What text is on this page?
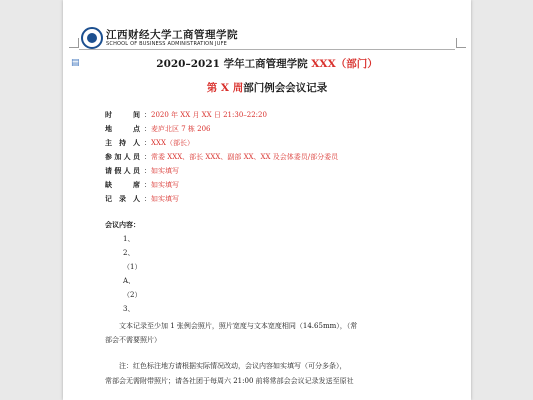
▤
江西财经大学工商管理学院
SCHOOL OF BUSINESS ADMINISTRATION JUFE
2020–2021 学年工商管理学院 XXX（部门）
第 X 周部门例会会议记录
时 间 ：2020 年 XX 月 XX 日 21:30–22:20
地 点 ：麦庐北区 7 栋 206
主 持 人 ：XXX（部长）
参加人员 ：常委 XXX、部长 XXX、副部 XX、XX 及会体委员/部分委员
请假人员 ：如实填写
缺 席 ：如实填写
记 录 人 ：如实填写
会议内容：
1、
2、
（1）
A、
（2）
3、
文本记录至少加 1 张例会照片，照片宽度与文本宽度相同（14.65mm），（常
部会不需要照片）
注：红色标注地方请根据实际情况改动，会议内容如实填写（可分多条），
常部会无需附带照片；请各社团于每周六 21:00 前将常部会会议记录发送至原社
